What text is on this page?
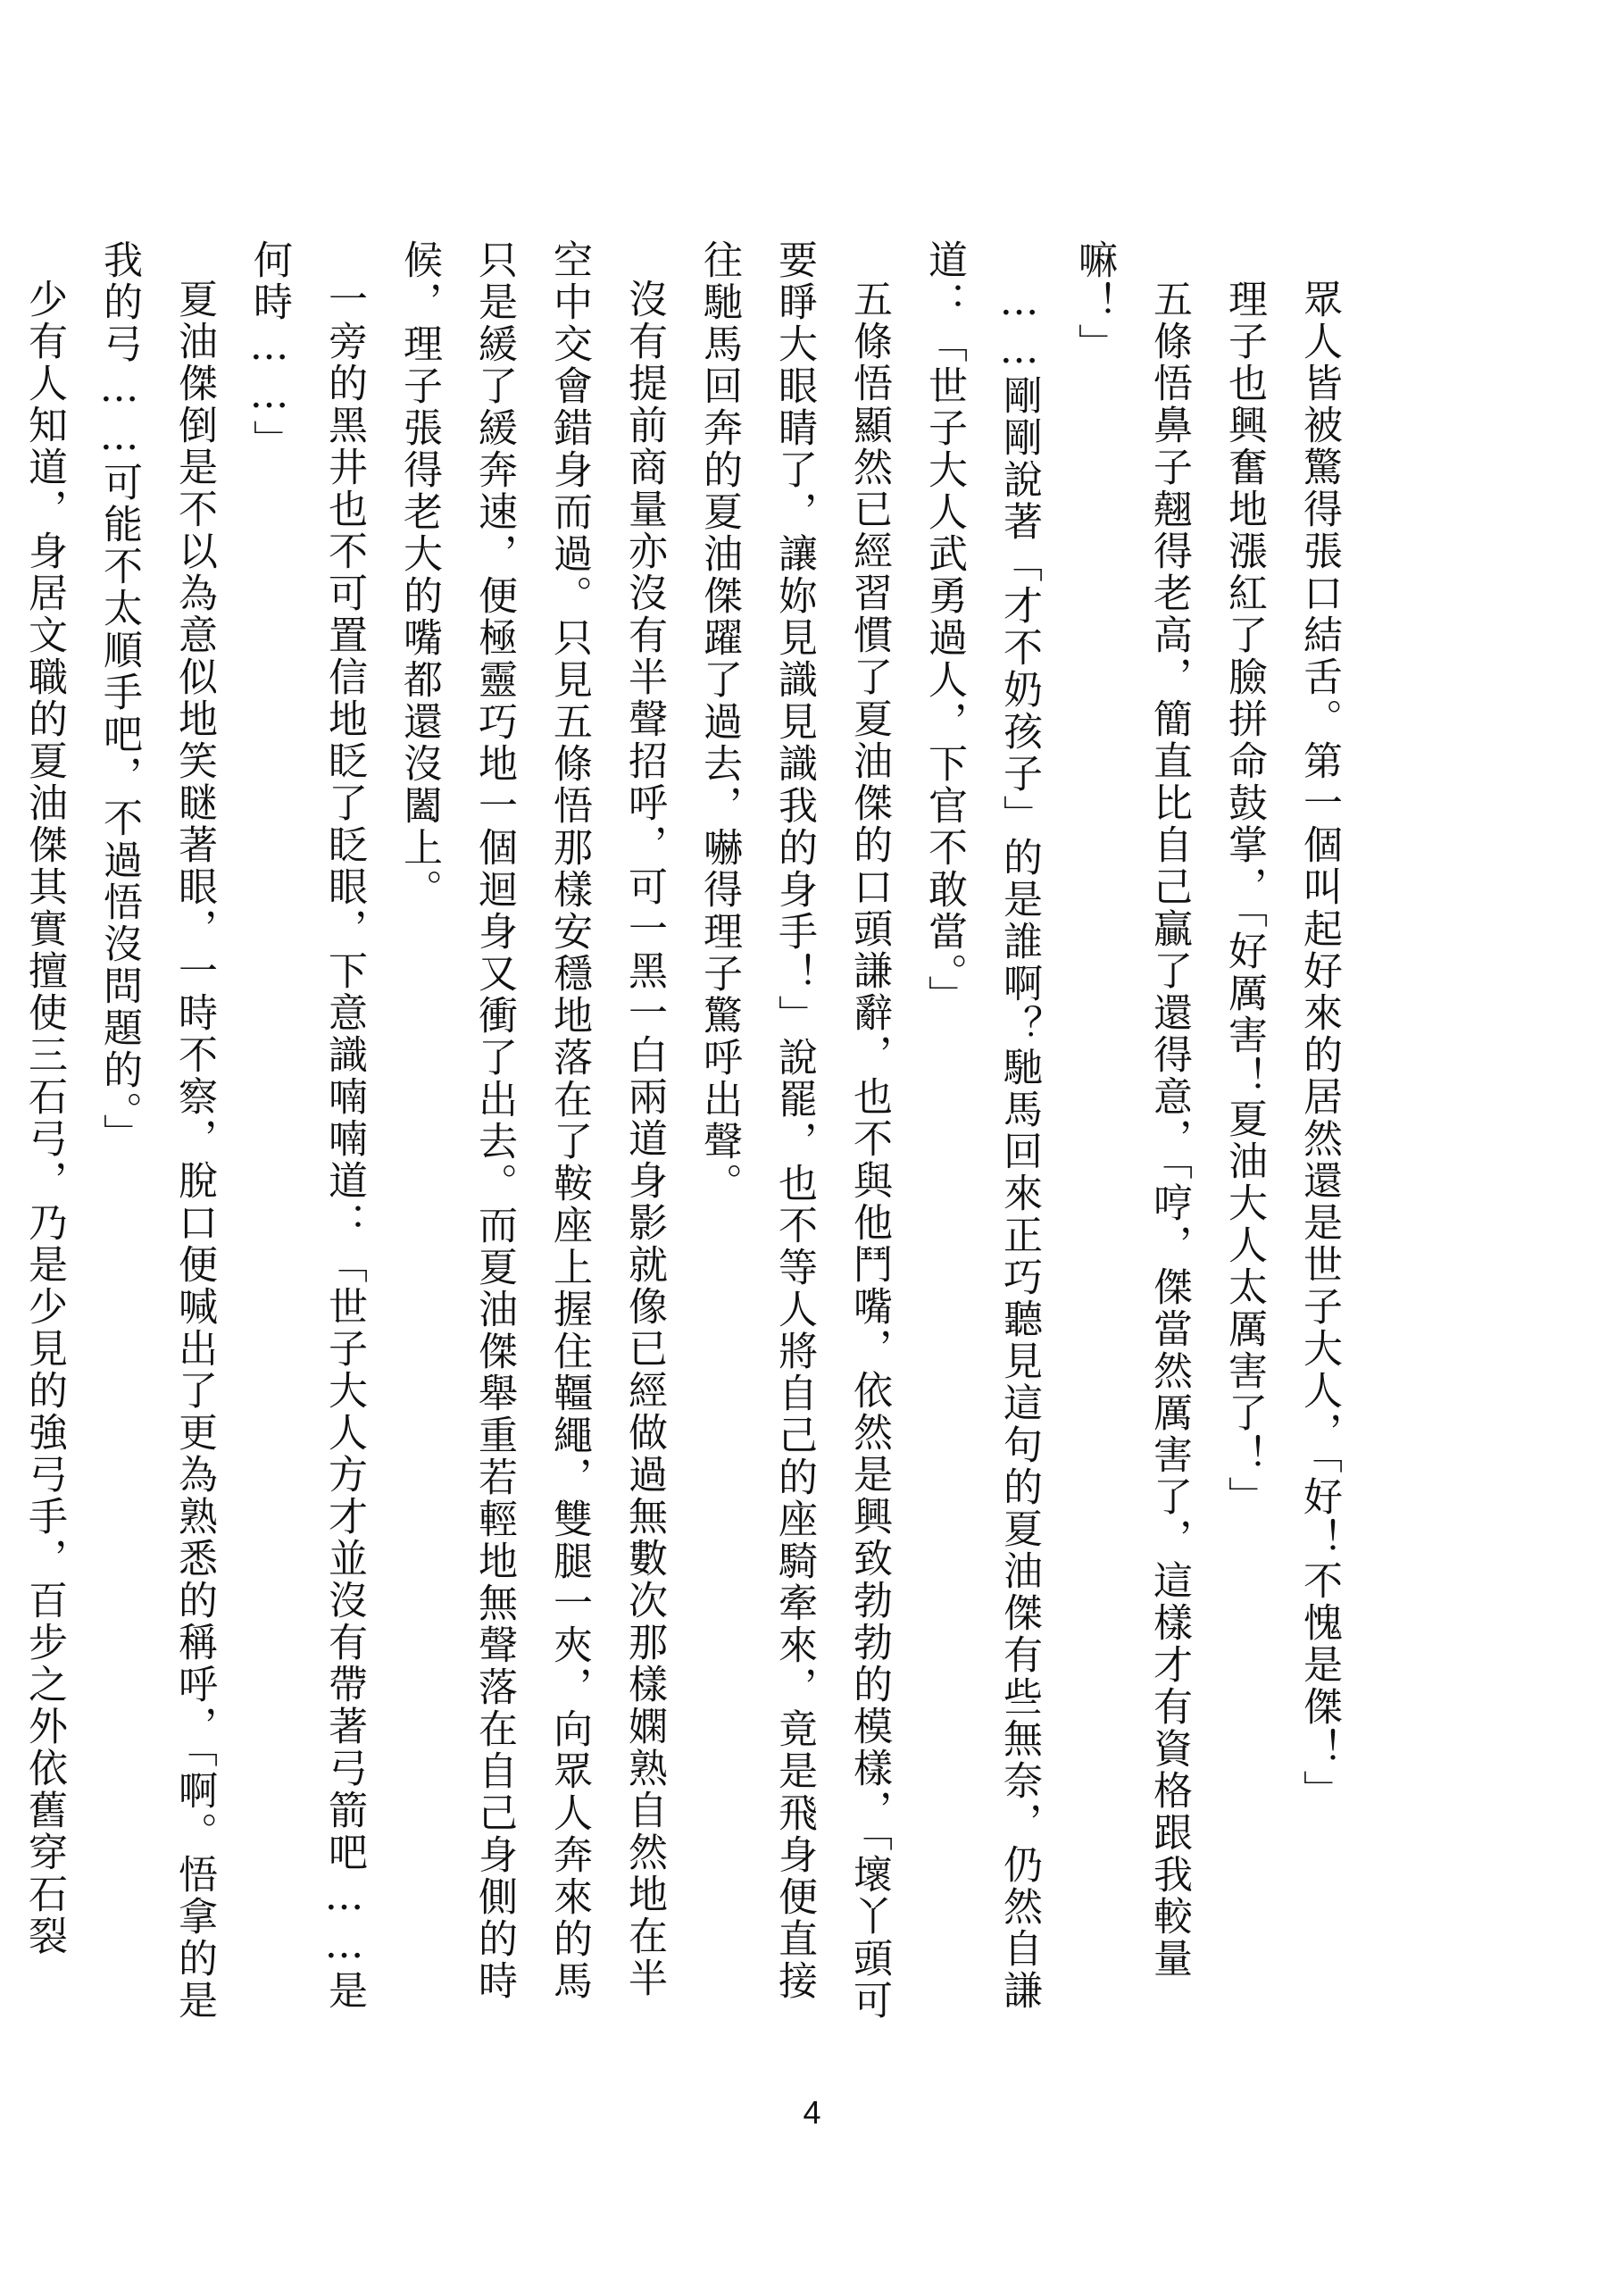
眾人皆被驚得張口結舌。第一個叫起好來的居然還是世子大人，「好！不愧是傑！」

理子也興奮地漲紅了臉拼命鼓掌，「好厲害！夏油大人太厲害了！」

五條悟鼻子翹得老高，簡直比自己贏了還得意，「哼，傑當然厲害了，這樣才有資格跟我較量嘛！」

……剛剛說著「才不奶孩子」的是誰啊？馳馬回來正巧聽見這句的夏油傑有些無奈，仍然自謙道：「世子大人武勇過人，下官不敢當。」

五條悟顯然已經習慣了夏油傑的口頭謙辭，也不與他鬥嘴，依然是興致勃勃的模樣，「壞丫頭可要睜大眼睛了，讓妳見識見識我的身手！」說罷，也不等人將自己的座騎牽來，竟是飛身便直接往馳馬回奔的夏油傑躍了過去，嚇得理子驚呼出聲。

沒有提前商量亦沒有半聲招呼，可一黑一白兩道身影就像已經做過無數次那樣嫻熟自然地在半空中交會錯身而過。只見五條悟那樣安穩地落在了鞍座上握住韁繩，雙腿一夾，向眾人奔來的馬只是緩了緩奔速，便極靈巧地一個迴身又衝了出去。而夏油傑舉重若輕地無聲落在自己身側的時候，理子張得老大的嘴都還沒闔上。

一旁的黑井也不可置信地眨了眨眼，下意識喃喃道：「世子大人方才並沒有帶著弓箭吧……是何時……」

夏油傑倒是不以為意似地笑瞇著眼，一時不察，脫口便喊出了更為熟悉的稱呼，「啊。悟拿的是我的弓……可能不太順手吧，不過悟沒問題的。」

少有人知道，身居文職的夏油傑其實擅使三石弓，乃是少見的強弓手，百步之外依舊穿石裂

4
